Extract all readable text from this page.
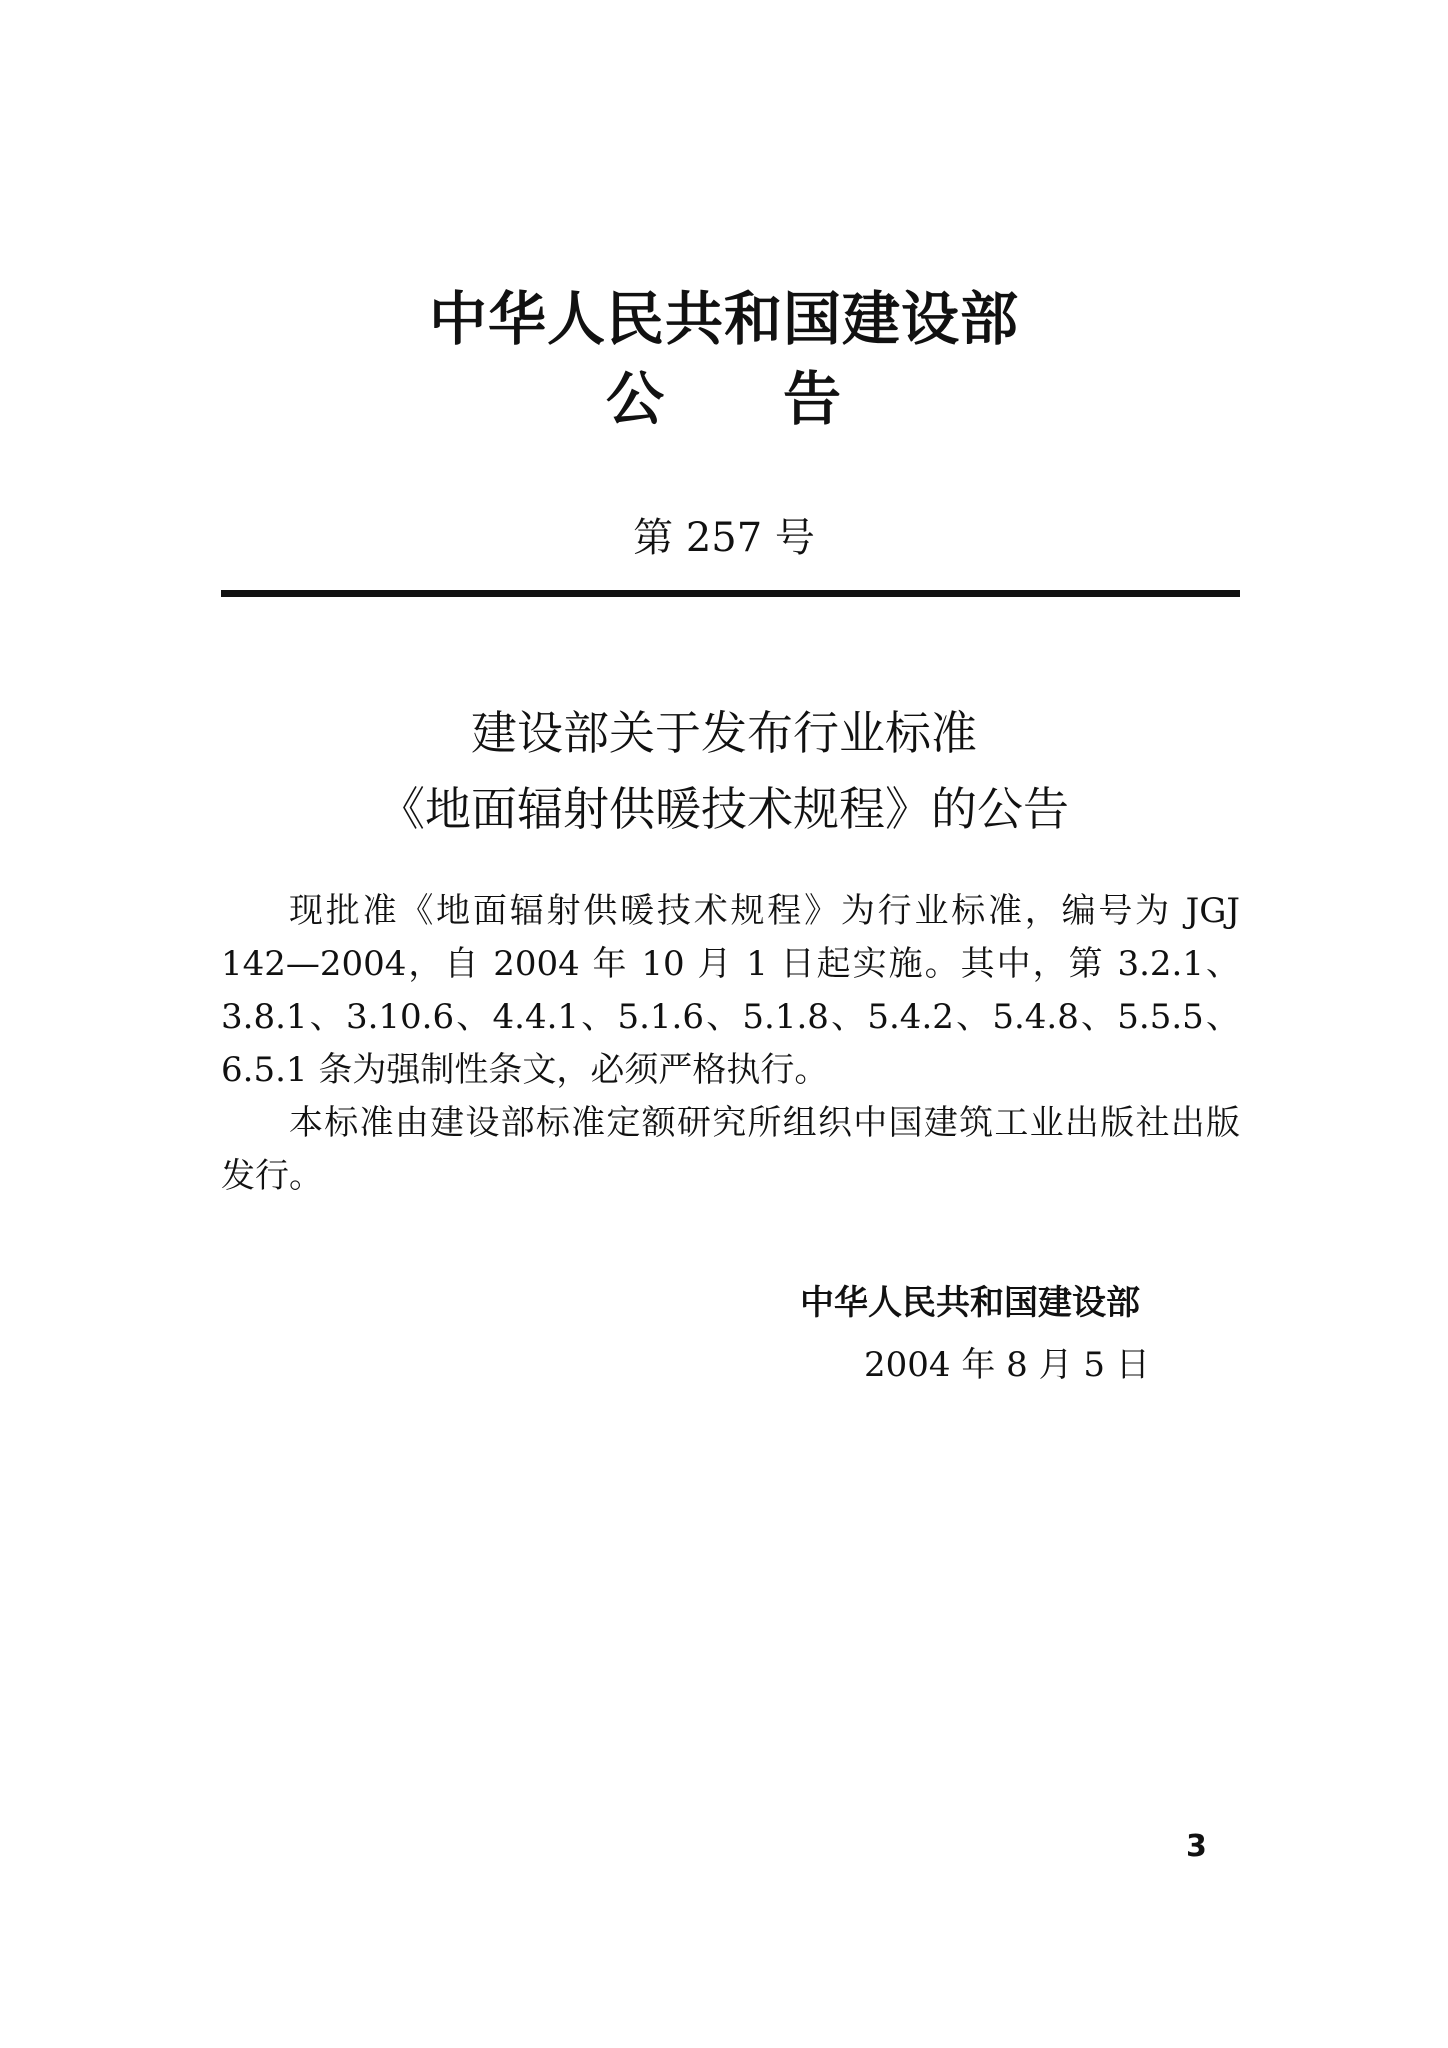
中华人民共和国建设部
公　　告
第 257 号
建设部关于发布行业标准
《地面辐射供暖技术规程》的公告

现批准《地面辐射供暖技术规程》为行业标准，编号为 JGJ 142—2004，自 2004 年 10 月 1 日起实施。其中，第 3.2.1、3.8.1、3.10.6、4.4.1、5.1.6、5.1.8、5.4.2、5.4.8、5.5.5、6.5.1 条为强制性条文，必须严格执行。

本标准由建设部标准定额研究所组织中国建筑工业出版社出版发行。

中华人民共和国建设部
2004 年 8 月 5 日
3
